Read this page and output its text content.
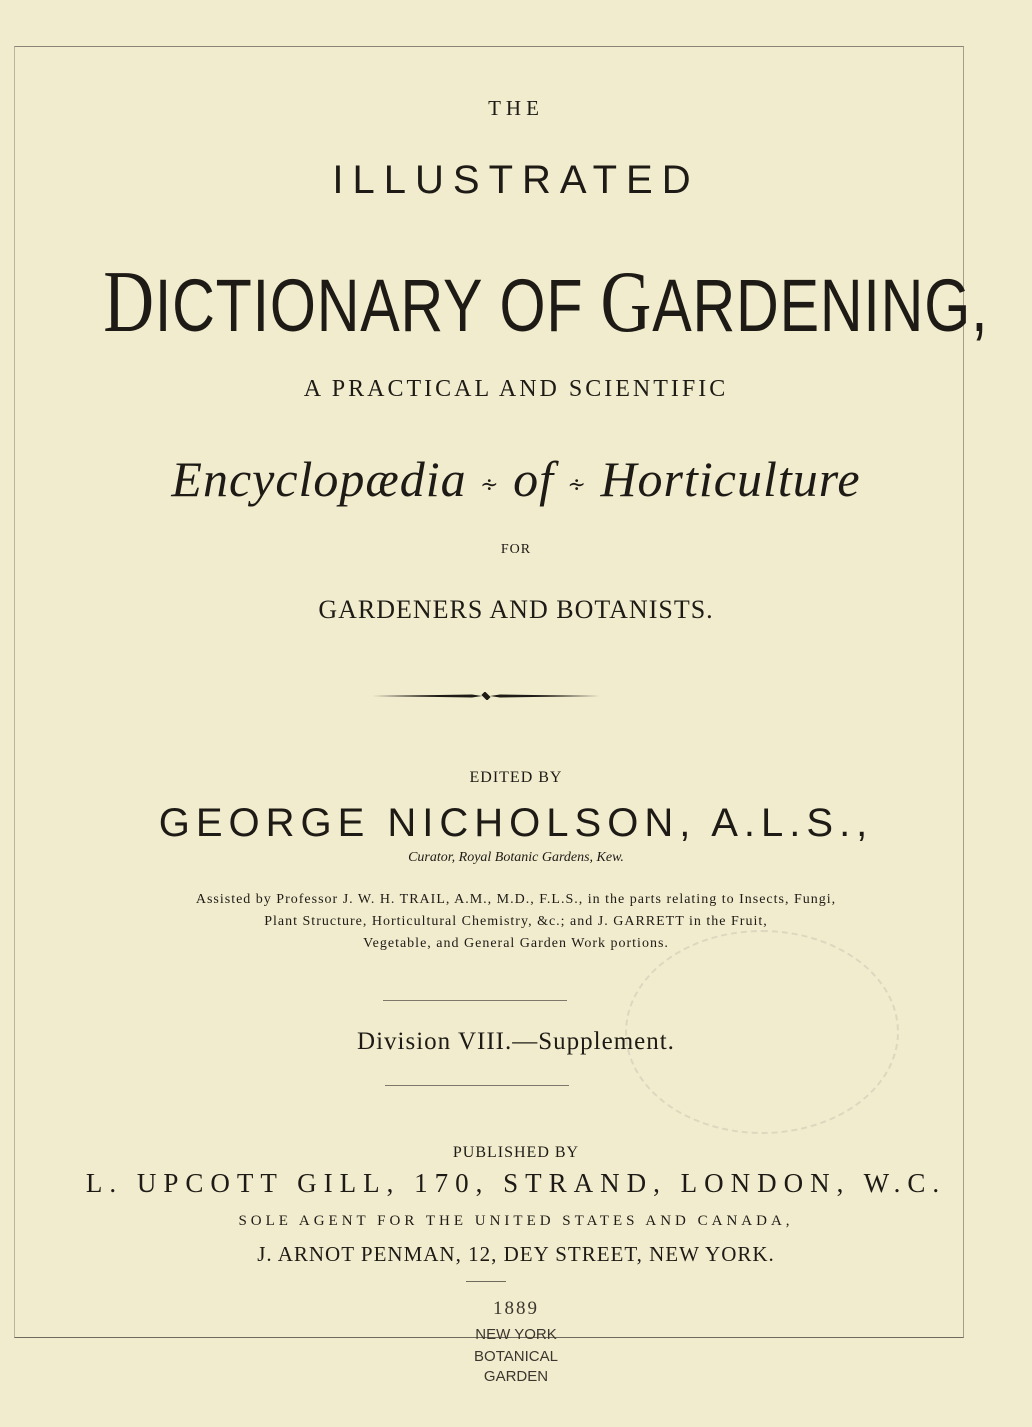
THE
ILLUSTRATED
DICTIONARY OF GARDENING,
A PRACTICAL AND SCIENTIFIC
Encyclopædia ∻ of ∻ Horticulture
FOR
GARDENERS AND BOTANISTS.
EDITED BY
GEORGE NICHOLSON, A.L.S.,
Curator, Royal Botanic Gardens, Kew.
Assisted by Professor J. W. H. TRAIL, A.M., M.D., F.L.S., in the parts relating to Insects, Fungi,
Plant Structure, Horticultural Chemistry, &c.; and J. GARRETT in the Fruit,
Vegetable, and General Garden Work portions.
Division VIII.—Supplement.
PUBLISHED BY
L. UPCOTT GILL, 170, STRAND, LONDON, W.C.
SOLE AGENT FOR THE UNITED STATES AND CANADA,
J. ARNOT PENMAN, 12, DEY STREET, NEW YORK.
1889
NEW YORK
BOTANICAL
GARDEN
